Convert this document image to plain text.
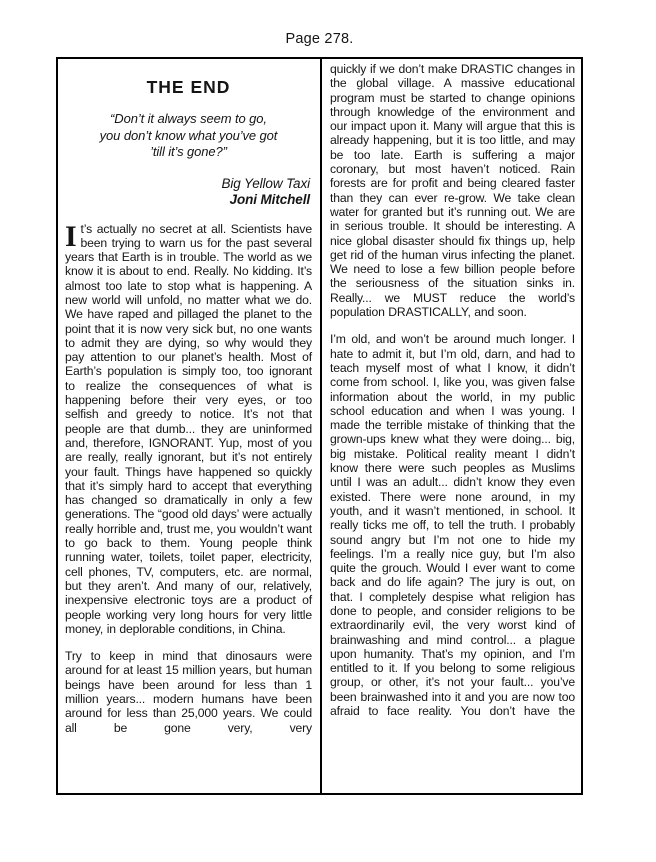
Page 278.
THE END
“Don’t it always seem to go,
you don’t know what you’ve got
’till it’s gone?”
Big Yellow Taxi
Joni Mitchell

It’s actually no secret at all. Scientists have been trying to warn us for the past several years that Earth is in trouble. The world as we know it is about to end. Really. No kidding. It’s almost too late to stop what is happening. A new world will unfold, no matter what we do. We have raped and pillaged the planet to the point that it is now very sick but, no one wants to admit they are dying, so why would they pay attention to our planet’s health. Most of Earth’s population is simply too, too ignorant to realize the consequences of what is happening before their very eyes, or too selfish and greedy to notice. It’s not that people are that dumb... they are uninformed and, therefore, IGNORANT. Yup, most of you are really, really ignorant, but it’s not entirely your fault. Things have happened so quickly that it’s simply hard to accept that everything has changed so dramatically in only a few generations. The “good old days’ were actually really horrible and, trust me, you wouldn’t want to go back to them. Young people think running water, toilets, toilet paper, electricity, cell phones, TV, computers, etc. are normal, but they aren’t. And many of our, relatively, inexpensive electronic toys are a product of people working very long hours for very little money, in deplorable conditions, in China.

Try to keep in mind that dinosaurs were around for at least 15 million years, but human beings have been around for less than 1 million years... modern humans have been around for less than 25,000 years. We could all be gone very, very

quickly if we don’t make DRASTIC changes in the global village. A massive educational program must be started to change opinions through knowledge of the environment and our impact upon it. Many will argue that this is already happening, but it is too little, and may be too late. Earth is suffering a major coronary, but most haven’t noticed. Rain forests are for profit and being cleared faster than they can ever re-grow. We take clean water for granted but it’s running out. We are in serious trouble. It should be interesting. A nice global disaster should fix things up, help get rid of the human virus infecting the planet. We need to lose a few billion people before the seriousness of the situation sinks in. Really... we MUST reduce the world’s population DRASTICALLY, and soon.

I’m old, and won’t be around much longer. I hate to admit it, but I’m old, darn, and had to teach myself most of what I know, it didn’t come from school. I, like you, was given false information about the world, in my public school education and when I was young. I made the terrible mistake of thinking that the grown-ups knew what they were doing... big, big mistake. Political reality meant I didn’t know there were such peoples as Muslims until I was an adult... didn’t know they even existed. There were none around, in my youth, and it wasn’t mentioned, in school. It really ticks me off, to tell the truth. I probably sound angry but I’m not one to hide my feelings. I’m a really nice guy, but I’m also quite the grouch. Would I ever want to come back and do life again? The jury is out, on that. I completely despise what religion has done to people, and consider religions to be extraordinarily evil, the very worst kind of brainwashing and mind control... a plague upon humanity. That’s my opinion, and I’m entitled to it. If you belong to some religious group, or other, it’s not your fault... you’ve been brainwashed into it and you are now too afraid to face reality. You don’t have the
